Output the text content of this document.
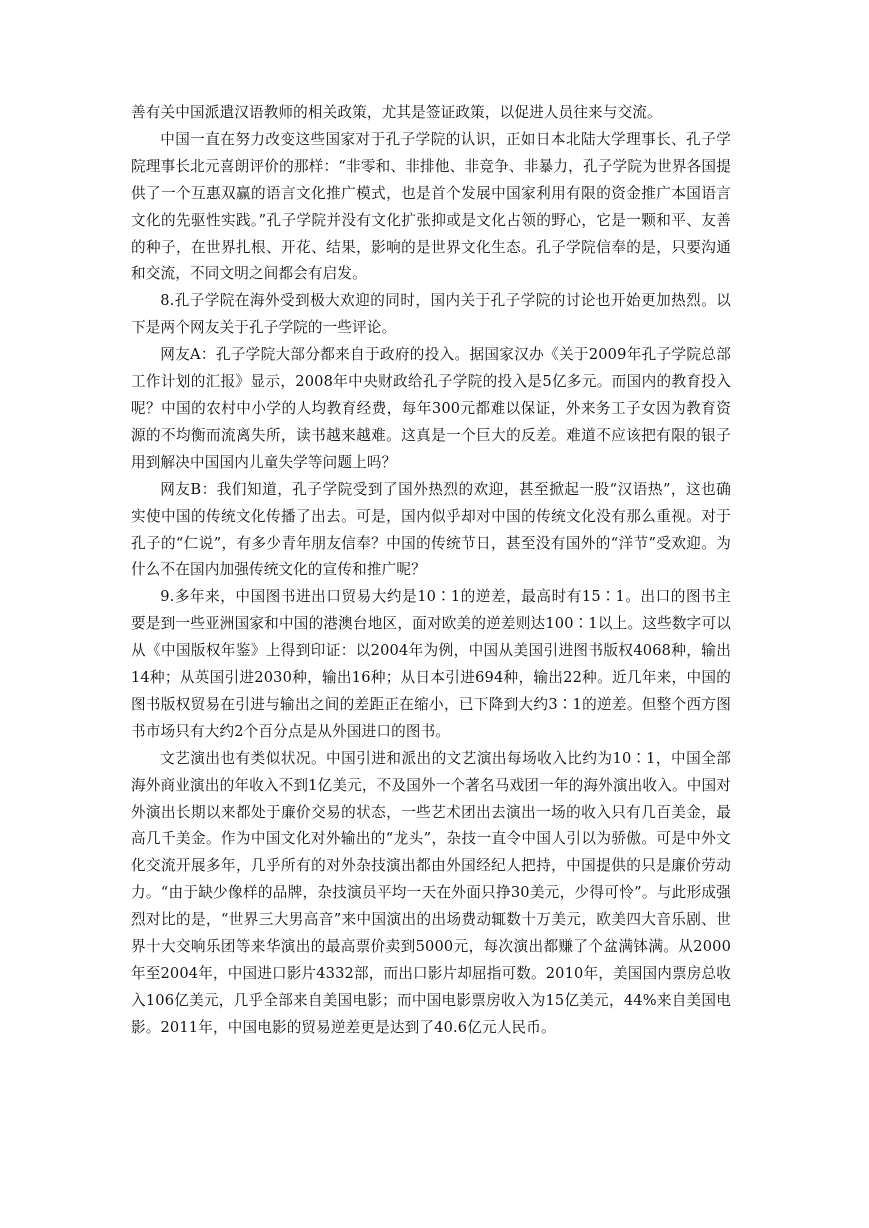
善有关中国派遣汉语教师的相关政策，尤其是签证政策，以促进人员往来与交流。

中国一直在努力改变这些国家对于孔子学院的认识，正如日本北陆大学理事长、孔子学院理事长北元喜朗评价的那样：“非零和、非排他、非竞争、非暴力，孔子学院为世界各国提供了一个互惠双赢的语言文化推广模式，也是首个发展中国家利用有限的资金推广本国语言文化的先驱性实践。”孔子学院并没有文化扩张抑或是文化占领的野心，它是一颗和平、友善的种子，在世界扎根、开花、结果，影响的是世界文化生态。孔子学院信奉的是，只要沟通和交流，不同文明之间都会有启发。

8.孔子学院在海外受到极大欢迎的同时，国内关于孔子学院的讨论也开始更加热烈。以下是两个网友关于孔子学院的一些评论。

网友A：孔子学院大部分都来自于政府的投入。据国家汉办《关于2009年孔子学院总部工作计划的汇报》显示，2008年中央财政给孔子学院的投入是5亿多元。而国内的教育投入呢？中国的农村中小学的人均教育经费，每年300元都难以保证，外来务工子女因为教育资源的不均衡而流离失所，读书越来越难。这真是一个巨大的反差。难道不应该把有限的银子用到解决中国国内儿童失学等问题上吗？

网友B：我们知道，孔子学院受到了国外热烈的欢迎，甚至掀起一股“汉语热”，这也确实使中国的传统文化传播了出去。可是，国内似乎却对中国的传统文化没有那么重视。对于孔子的“仁说”，有多少青年朋友信奉？中国的传统节日，甚至没有国外的“洋节”受欢迎。为什么不在国内加强传统文化的宣传和推广呢？

9.多年来，中国图书进出口贸易大约是10∶1的逆差，最高时有15∶1。出口的图书主要是到一些亚洲国家和中国的港澳台地区，面对欧美的逆差则达100∶1以上。这些数字可以从《中国版权年鉴》上得到印证：以2004年为例，中国从美国引进图书版权4068种，输出14种；从英国引进2030种，输出16种；从日本引进694种，输出22种。近几年来，中国的图书版权贸易在引进与输出之间的差距正在缩小，已下降到大约3∶1的逆差。但整个西方图书市场只有大约2个百分点是从外国进口的图书。

文艺演出也有类似状况。中国引进和派出的文艺演出每场收入比约为10∶1，中国全部海外商业演出的年收入不到1亿美元，不及国外一个著名马戏团一年的海外演出收入。中国对外演出长期以来都处于廉价交易的状态，一些艺术团出去演出一场的收入只有几百美金，最高几千美金。作为中国文化对外输出的“龙头”，杂技一直令中国人引以为骄傲。可是中外文化交流开展多年，几乎所有的对外杂技演出都由外国经纪人把持，中国提供的只是廉价劳动力。“由于缺少像样的品牌，杂技演员平均一天在外面只挣30美元，少得可怜”。与此形成强烈对比的是，“世界三大男高音”来中国演出的出场费动辄数十万美元，欧美四大音乐剧、世界十大交响乐团等来华演出的最高票价卖到5000元，每次演出都赚了个盆满钵满。从2000年至2004年，中国进口影片4332部，而出口影片却屈指可数。2010年，美国国内票房总收入106亿美元，几乎全部来自美国电影；而中国电影票房收入为15亿美元，44%来自美国电影。2011年，中国电影的贸易逆差更是达到了40.6亿元人民币。
